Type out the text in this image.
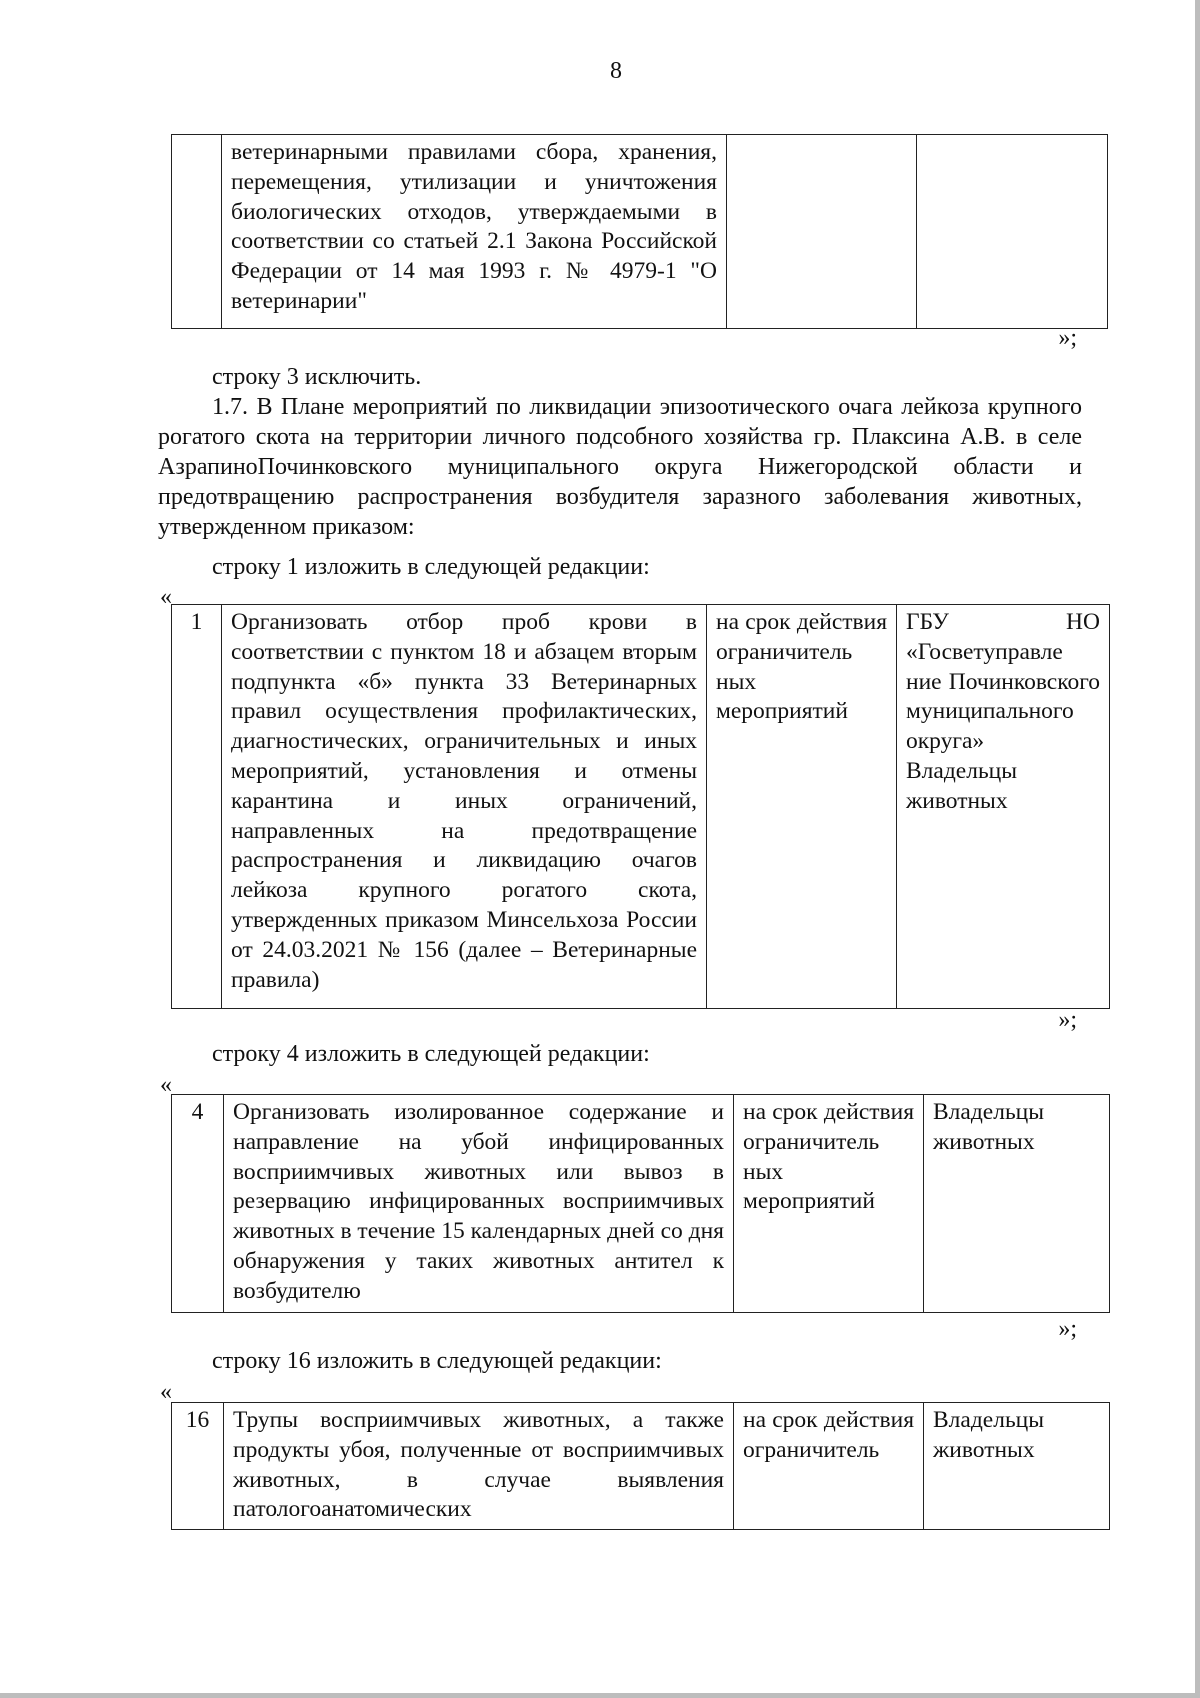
8
	ветеринарными правилами сбора, хранения, перемещения, утилизации и уничтожения биологических отходов, утверждаемыми в соответствии со статьей 2.1 Закона Российской Федерации от 14 мая 1993 г. № 4979-1 "О ветеринарии"		
»;
строку 3 исключить.
1.7. В Плане мероприятий по ликвидации эпизоотического очага лейкоза крупного рогатого скота на территории личного подсобного хозяйства гр. Плаксина А.В. в селе АзрапиноПочинковского муниципального округа Нижегородской области и предотвращению распространения возбудителя заразного заболевания животных, утвержденном приказом:
строку 1 изложить в следующей редакции:
«
1	Организовать отбор проб крови в соответствии с пунктом 18 и абзацем вторым подпункта «б» пункта 33 Ветеринарных правил осуществления профилактических, диагностических, ограничительных и иных мероприятий, установления и отмены карантина и иных ограничений, направленных на предотвращение распространения и ликвидацию очагов лейкоза крупного рогатого скота, утвержденных приказом Минсельхоза России от 24.03.2021 № 156 (далее – Ветеринарные правила)	на срок действия ограничитель ных мероприятий	ГБУ НО «Госветуправле ние Починковского муниципального округа» Владельцы животных
»;
строку 4 изложить в следующей редакции:
«
4	Организовать изолированное содержание и направление на убой инфицированных восприимчивых животных или вывоз в резервацию инфицированных восприимчивых животных в течение 15 календарных дней со дня обнаружения у таких животных антител к возбудителю	на срок действия ограничитель ных мероприятий	Владельцы животных
»;
строку 16 изложить в следующей редакции:
«
16	Трупы восприимчивых животных, а также продукты убоя, полученные от восприимчивых животных, в случае выявления патологоанатомических	на срок действия ограничитель	Владельцы животных
